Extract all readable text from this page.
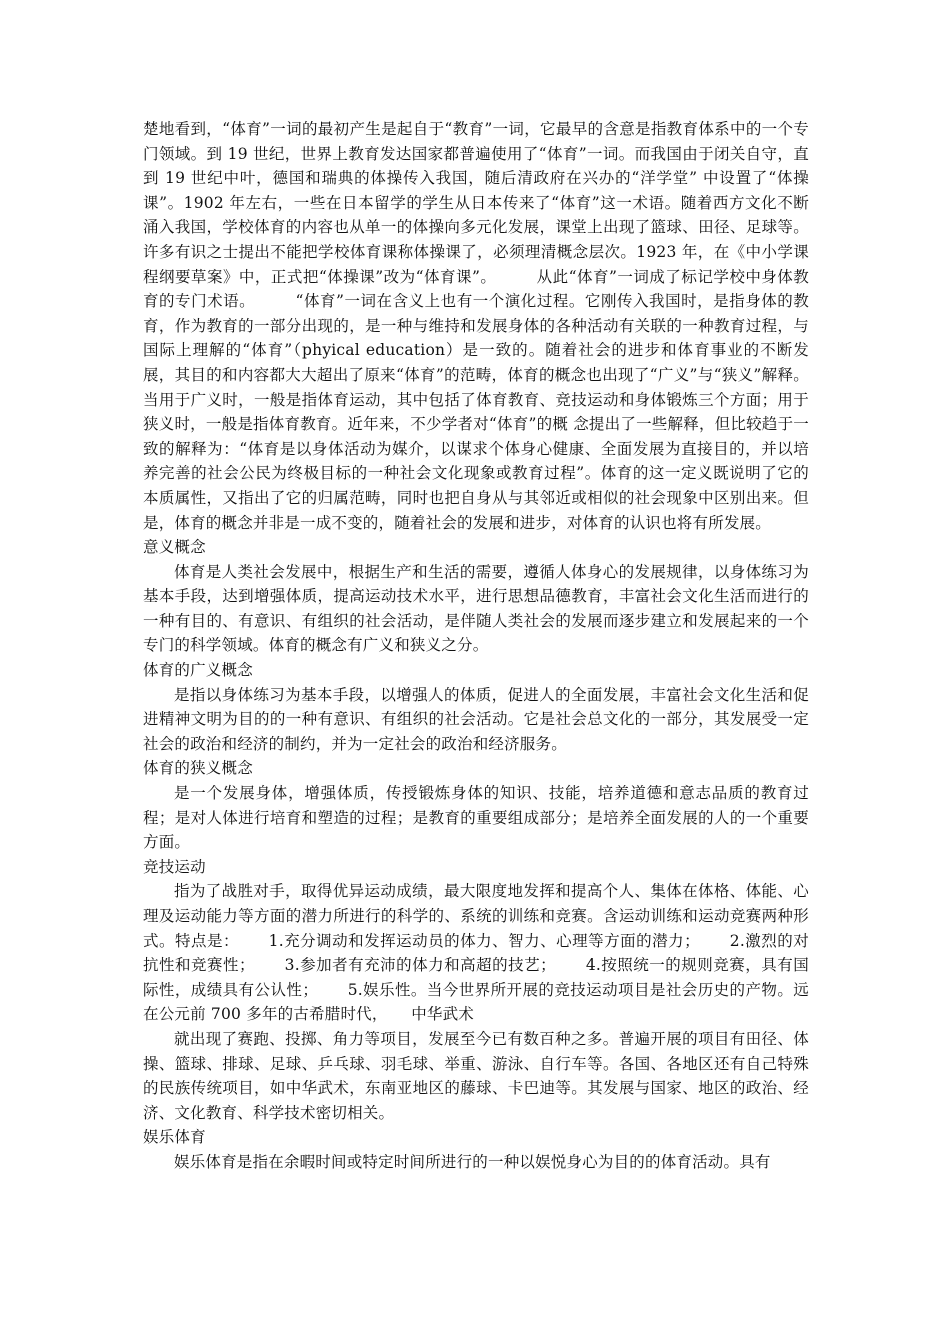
楚地看到，“体育”一词的最初产生是起自于“教育”一词，它最早的含意是指教育体系中的一个专门领域。到 19 世纪，世界上教育发达国家都普遍使用了“体育”一词。而我国由于闭关自守，直到 19 世纪中叶，德国和瑞典的体操传入我国，随后清政府在兴办的“洋学堂” 中设置了“体操课”。1902 年左右，一些在日本留学的学生从日本传来了“体育”这一术语。随着西方文化不断涌入我国，学校体育的内容也从单一的体操向多元化发展，课堂上出现了篮球、田径、足球等。许多有识之士提出不能把学校体育课称体操课了，必须理清概念层次。1923 年，在《中小学课程纲要草案》中，正式把“体操课”改为“体育课”。　　　从此“体育”一词成了标记学校中身体教育的专门术语。　　　“体育”一词在含义上也有一个演化过程。它刚传入我国时，是指身体的教育，作为教育的一部分出现的，是一种与维持和发展身体的各种活动有关联的一种教育过程，与国际上理解的“体育”（phyical education）是一致的。随着社会的进步和体育事业的不断发展，其目的和内容都大大超出了原来“体育”的范畴，体育的概念也出现了“广义”与“狭义”解释。当用于广义时，一般是指体育运动，其中包括了体育教育、竞技运动和身体锻炼三个方面；用于狭义时，一般是指体育教育。近年来，不少学者对“体育”的概 念提出了一些解释，但比较趋于一致的解释为：“体育是以身体活动为媒介，以谋求个体身心健康、全面发展为直接目的，并以培养完善的社会公民为终极目标的一种社会文化现象或教育过程”。体育的这一定义既说明了它的本质属性，又指出了它的归属范畴，同时也把自身从与其邻近或相似的社会现象中区别出来。但是，体育的概念并非是一成不变的，随着社会的发展和进步，对体育的认识也将有所发展。

意义概念

体育是人类社会发展中，根据生产和生活的需要，遵循人体身心的发展规律，以身体练习为基本手段，达到增强体质，提高运动技术水平，进行思想品德教育，丰富社会文化生活而进行的一种有目的、有意识、有组织的社会活动，是伴随人类社会的发展而逐步建立和发展起来的一个专门的科学领域。体育的概念有广义和狭义之分。

体育的广义概念

是指以身体练习为基本手段，以增强人的体质，促进人的全面发展，丰富社会文化生活和促进精神文明为目的的一种有意识、有组织的社会活动。它是社会总文化的一部分，其发展受一定社会的政治和经济的制约，并为一定社会的政治和经济服务。

体育的狭义概念

是一个发展身体，增强体质，传授锻炼身体的知识、技能，培养道德和意志品质的教育过程；是对人体进行培育和塑造的过程；是教育的重要组成部分；是培养全面发展的人的一个重要方面。

竞技运动

指为了战胜对手，取得优异运动成绩，最大限度地发挥和提高个人、集体在体格、体能、心理及运动能力等方面的潜力所进行的科学的、系统的训练和竞赛。含运动训练和运动竞赛两种形式。特点是：　　 1.充分调动和发挥运动员的体力、智力、心理等方面的潜力；　　 2.激烈的对抗性和竞赛性；　　 3.参加者有充沛的体力和高超的技艺；　　 4.按照统一的规则竞赛，具有国际性，成绩具有公认性；　　 5.娱乐性。当今世界所开展的竞技运动项目是社会历史的产物。远在公元前 700 多年的古希腊时代，　　中华武术

就出现了赛跑、投掷、角力等项目，发展至今已有数百种之多。普遍开展的项目有田径、体操、篮球、排球、足球、乒乓球、羽毛球、举重、游泳、自行车等。各国、各地区还有自己特殊的民族传统项目，如中华武术，东南亚地区的藤球、卡巴迪等。其发展与国家、地区的政治、经济、文化教育、科学技术密切相关。

娱乐体育

娱乐体育是指在余暇时间或特定时间所进行的一种以娱悦身心为目的的体育活动。具有
